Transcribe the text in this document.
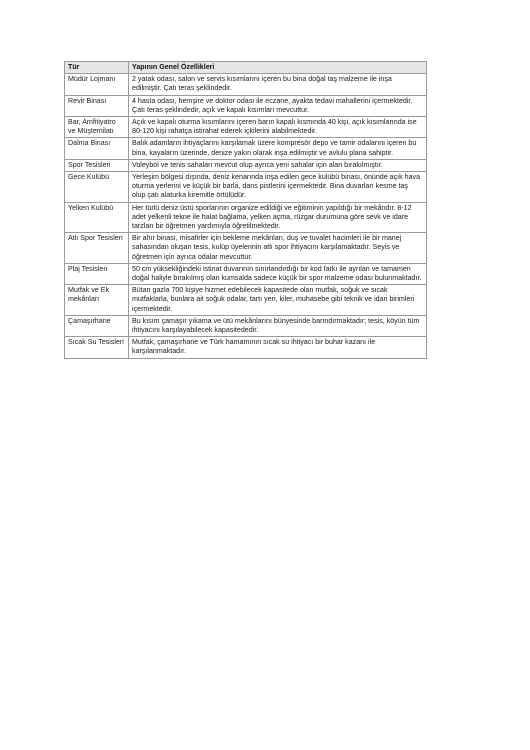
Tür	Yapının Genel Özellikleri
Müdür Lojmanı	2 yatak odası, salon ve servis kısımlarını içeren bu bina doğal taş malzeme ile inşa edilmiştir. Çatı teras şeklindedir.
Revir Binası	4 hasta odası, hemşire ve doktor odası ile eczane, ayakta tedavi mahallerini içermektedir. Çatı teras şeklindedir, açık ve kapalı kısımları mevcuttur.
Bar, Amfitiyatro ve Müştemilatı	Açık ve kapalı oturma kısımlarını içeren barın kapalı kısmında 40 kişi, açık kısımlarında ise 80-120 kişi rahatça istirahat ederek içkilerini alabilmektedir.
Dalma Binası	Balık adamların ihtiyaçlarını karşılamak üzere kompresör depo ve tamir odalarını içeren bu bina, kayaların üzerinde, denize yakın olarak inşa edilmiştir ve avlulu plana sahiptir.
Spor Tesisleri	Voleybol ve tenis sahaları mevcut olup ayrıca yeni sahalar için alan bırakılmıştır.
Gece Kulübü	Yerleşim bölgesi dışında, deniz kenarında inşa edilen gece kulübü binası, önünde açık hava oturma yerlerini ve küçük bir barla, dans pistlerini içermektedir. Bina duvarları kesme taş olup çatı alaturka kiremitle örtülüdür.
Yelken Kulübü	Her türlü deniz üstü sporlarının organize edildiği ve eğitiminin yapıldığı bir mekândır. 8-12 adet yelkenli tekne ile halat bağlama, yelken açma, rüzgar durumuna göre sevk ve idare tarzları bir öğretmen yardımıyla öğretilmektedir.
Atlı Spor Tesisleri	Bir ahır binası, misafirler için bekleme mekânları, duş ve tuvalet hacimleri ile bir manej sahasından oluşan tesis, kulüp üyelerinin atlı spor ihtiyacını karşılamaktadır. Seyis ve öğretmen için ayrıca odalar mevcuttur.
Plaj Tesisleri	50 cm yüksekliğindeki istinat duvarının sınırlandırdığı bir kod farkı ile ayrılan ve tamamen doğal haliyle bırakılmış olan kumsalda sadece küçük bir spor malzeme odası bulunmaktadır.
Mutfak ve Ek mekânları	Bütan gazla 700 kişiye hizmet edebilecek kapasitede olan mutfak, soğuk ve sıcak mutfaklarla, bunlara ait soğuk odalar, tartı yeri, kiler, muhasebe gibi teknik ve idari birimleri içermektedir.
Çamaşırhane	Bu kısım çamaşır yıkama ve ütü mekânlarını bünyesinde barındırmaktadır; tesis, köyün tüm ihtiyacını karşılayabilecek kapasitededir.
Sıcak Su Tesisleri	Mutfak, çamaşırhane ve Türk hamamının sıcak su ihtiyacı bir buhar kazanı ile karşılanmaktadır.
